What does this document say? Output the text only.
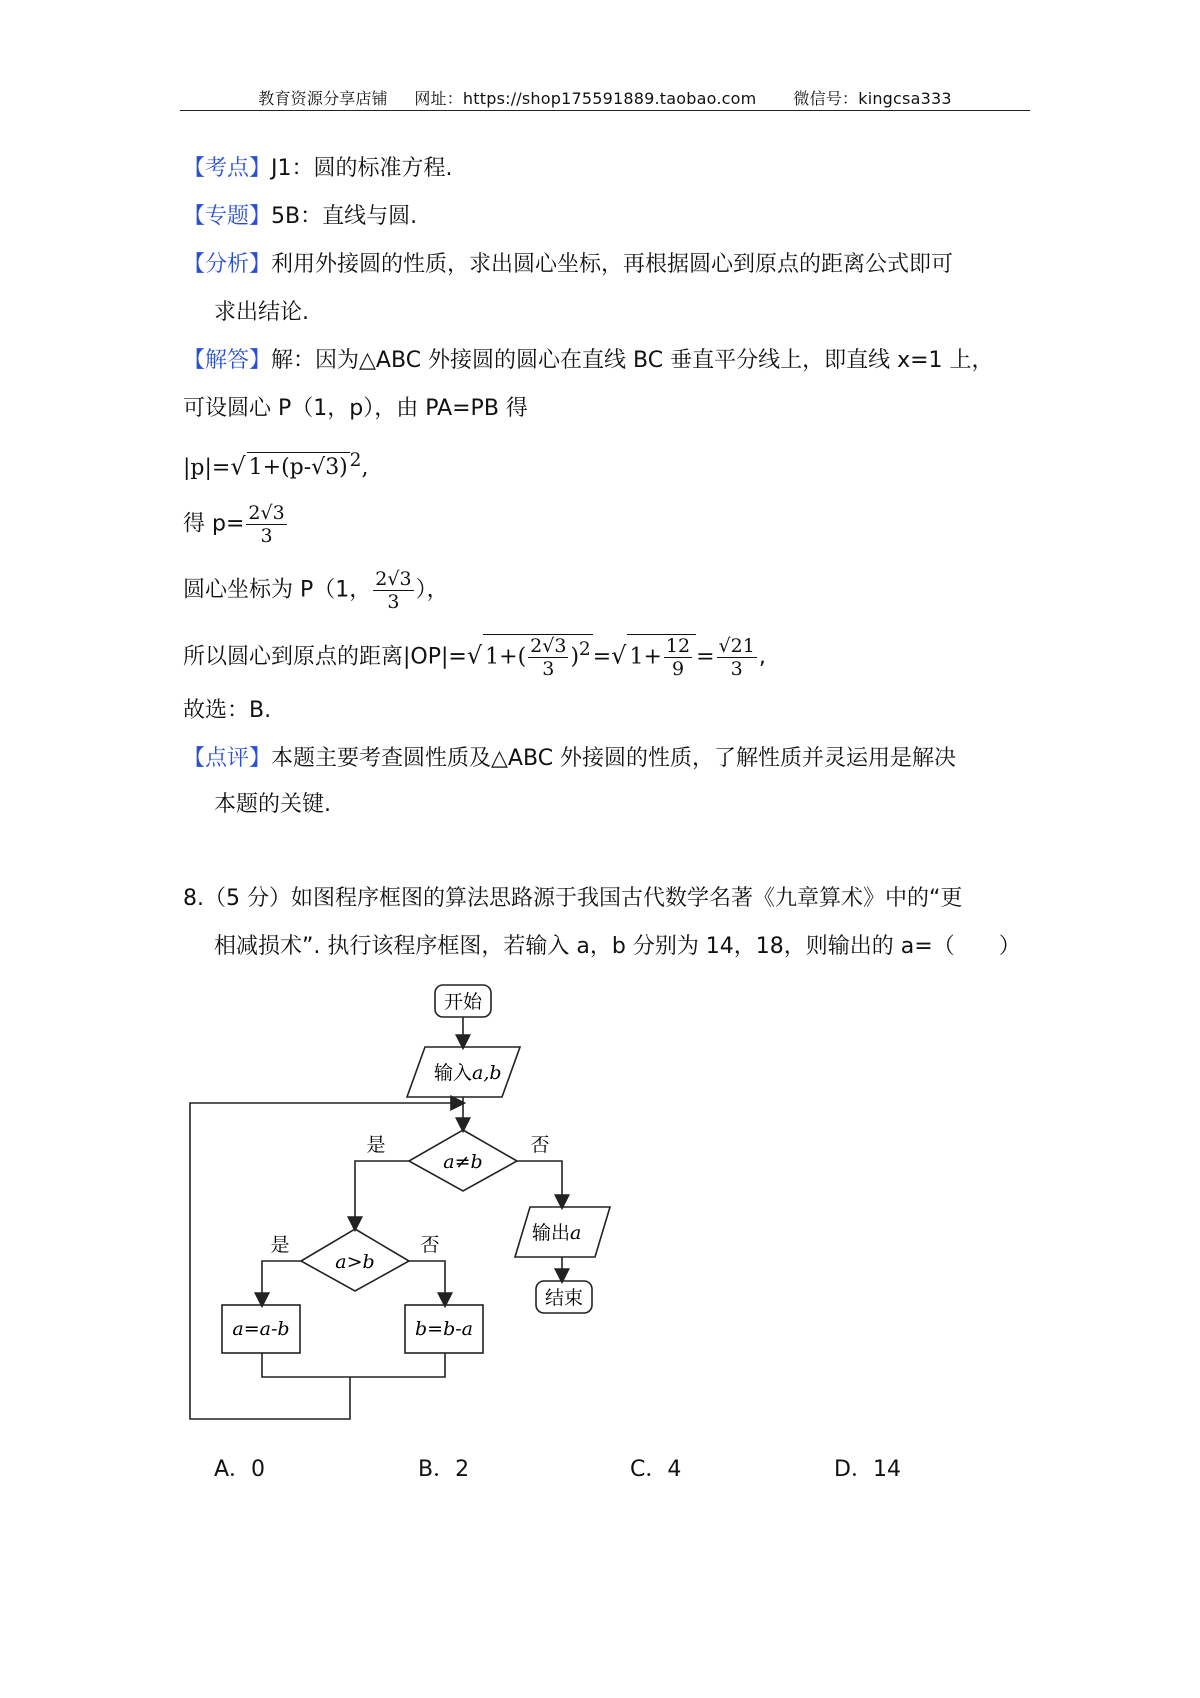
教育资源分享店铺 网址：https://shop175591889.taobao.com 微信号：kingcsa333
【考点】J1：圆的标准方程.
【专题】5B：直线与圆.
【分析】利用外接圆的性质，求出圆心坐标，再根据圆心到原点的距离公式即可
求出结论.
【解答】解：因为△ABC 外接圆的圆心在直线 BC 垂直平分线上，即直线 x=1 上，
可设圆心 P（1，p），由 PA=PB 得
|p|=√ 1+(p-√3) $^2$,
得 $p= \frac{2√3}{3}$
圆心坐标为 P（1， $\frac{2√3}{3}$ ），
所以圆心到原点的距离|OP|=√ $1+( \frac{2√3}{3} )^2=√$ $1+ \frac{12}{9} = \frac{√21}{3}$ ,
故选：B.
【点评】本题主要考查圆性质及△ABC 外接圆的性质，了解性质并灵运用是解决
本题的关键.
8.（5 分）如图程序框图的算法思路源于我国古代数学名著《九章算术》中的“更
相减损术”. 执行该程序框图，若输入 a，b 分别为 14，18，则输出的 a=（　　）
开始
输入a,b
a≠b
是	否
输出a
结束
a>b
是	否
a=a-b	b=b-a
A．0	B．2	C．4	D．14
